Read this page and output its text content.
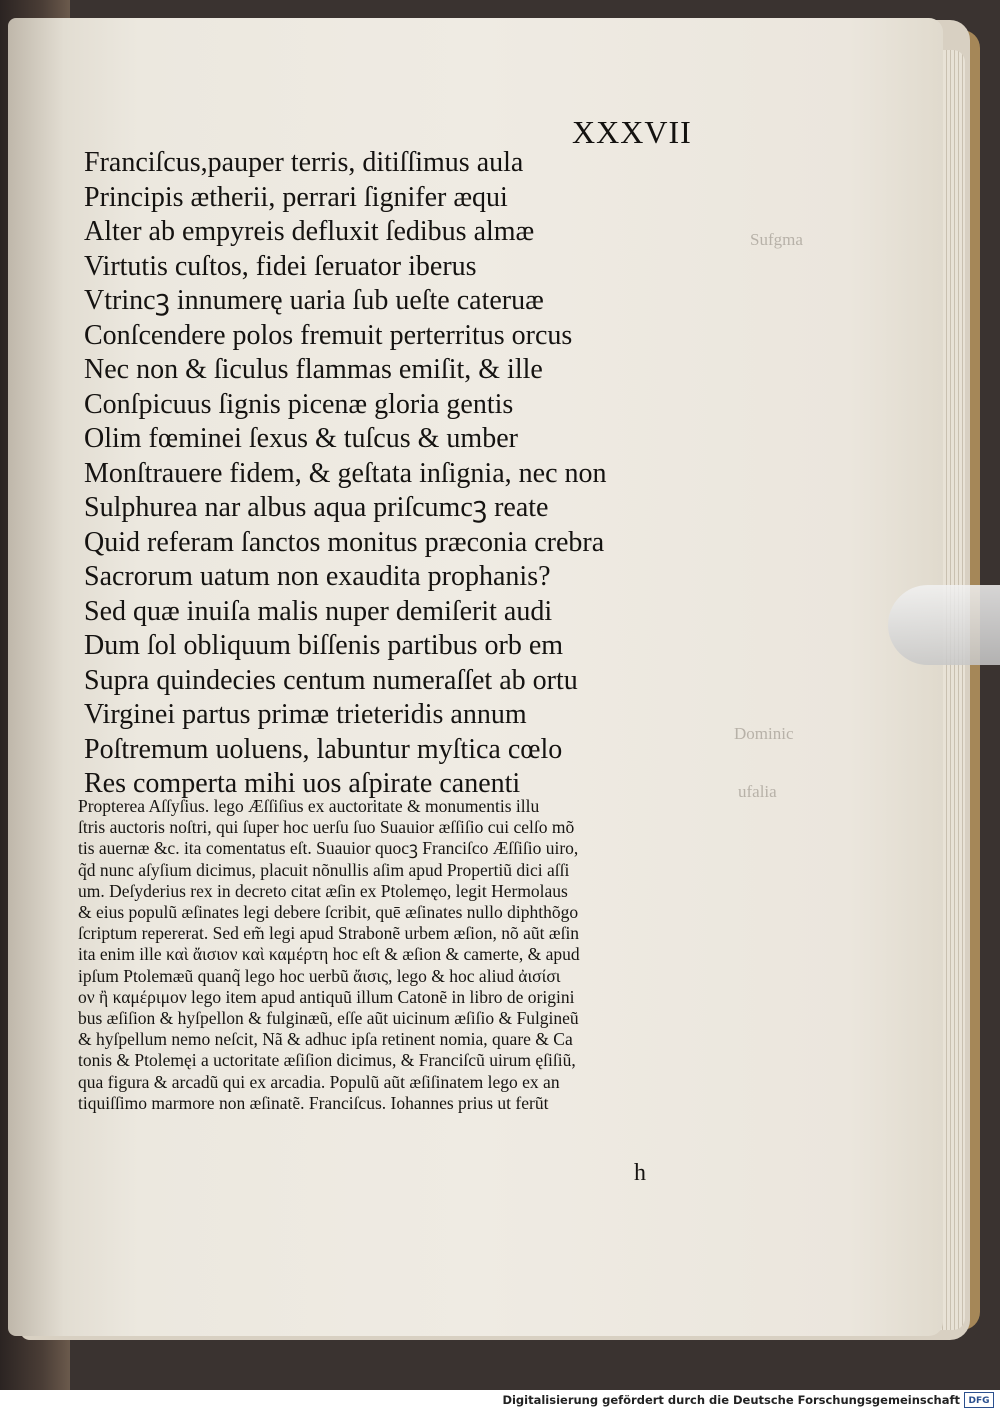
Sufgma
Dominic
ufalia
XXXVII
Franciſcus,pauper terris, ditiſſimus aula
Principis ætherii, perrari ſignifer æqui
Alter ab empyreis defluxit ſedibus almæ
Virtutis cuſtos, fidei ſeruator iberus
Vtrincꝫ innumerę uaria ſub ueſte cateruæ
Conſcendere polos fremuit perterritus orcus
Nec non & ſiculus flammas emiſit, & ille
Conſpicuus ſignis picenæ gloria gentis
Olim fœminei ſexus & tuſcus & umber
Monſtrauere fidem, & geſtata inſignia, nec non
Sulphurea nar albus aqua priſcumcꝫ reate
Quid referam ſanctos monitus præconia crebra
Sacrorum uatum non exaudita prophanis?
Sed quæ inuiſa malis nuper demiſerit audi
Dum ſol obliquum biſſenis partibus orb em
Supra quindecies centum numeraſſet ab ortu
Virginei partus primæ trieteridis annum
Poſtremum uoluens, labuntur myſtica cœlo
Res comperta mihi uos aſpirate canenti
Propterea Aſſyſius. lego Æſſiſius ex auctoritate & monumentis illu
ſtris auctoris noſtri, qui ſuper hoc uerſu ſuo Suauior æſſiſio cui celſo mõ
tis auernæ &c. ita comentatus eſt. Suauior quocꝫ Franciſco Æſſiſio uiro,
q̃d nunc aſyſium dicimus, placuit nõnullis aſim apud Propertiũ dici aſſi
um. Deſyderius rex in decreto citat æſin ex Ptolemęo, legit Hermolaus
& eius populũ æſinates legi debere ſcribit, quē æſinates nullo diphthõgo
ſcriptum repererat. Sed em̃ legi apud Strabonẽ urbem æſion, nõ aũt æſin
ita enim ille καὶ ἄισιον καὶ καμέρτη hoc eſt & æſion & camerte, & apud
ipſum Ptolemæũ quanq̃ lego hoc uerbũ ἄισις, lego & hoc aliud ἀισίσι
ον ἢ καμέριμον lego item apud antiquũ illum Catonẽ in libro de origini
bus æſiſion & hyſpellon & fulginæũ, eſſe aũt uicinum æſiſio & Fulgineũ
& hyſpellum nemo neſcit, Nã & adhuc ipſa retinent nomia, quare & Ca
tonis & Ptolemęi a uctoritate æſiſion dicimus, & Franciſcũ uirum ęſiſiũ,
qua figura & arcadũ qui ex arcadia. Populũ aũt æſiſinatem lego ex an
tiquiſſimo marmore non æſinatẽ. Franciſcus. Iohannes prius ut ferũt
h
Digitalisierung gefördert durch die Deutsche Forschungsgemeinschaft DFG
